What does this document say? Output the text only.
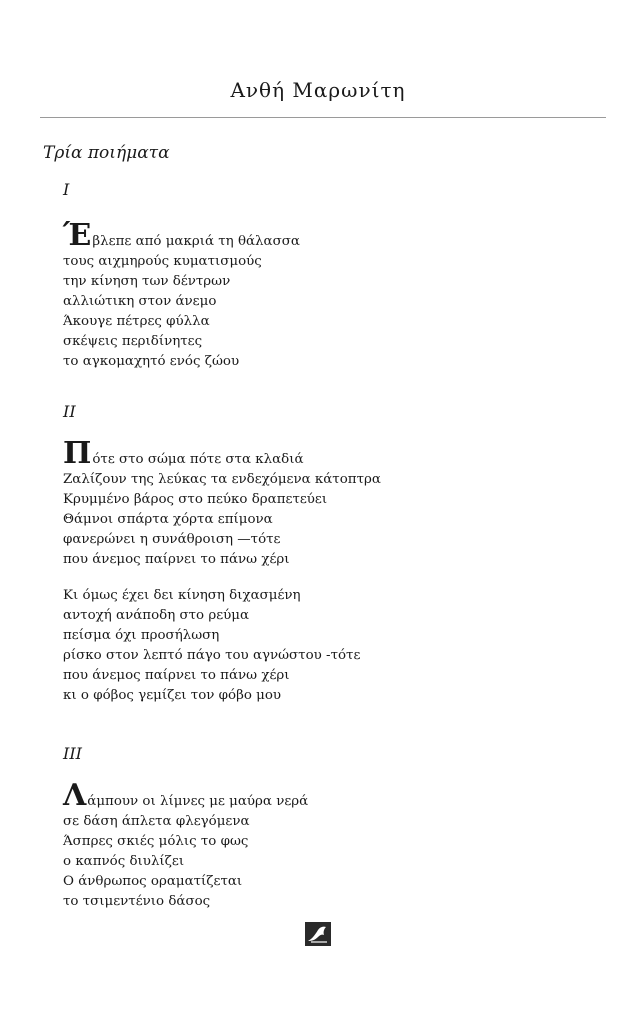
Ανθή Μαρωνίτη
Τρία ποιήματα
I
Έβλεπε από μακριά τη θάλασσα
τους αιχμηρούς κυματισμούς
την κίνηση των δέντρων
αλλιώτικη στον άνεμο
Άκουγε πέτρες φύλλα
σκέψεις περιδίνητες
το αγκομαχητό ενός ζώου
II
Πότε στο σώμα πότε στα κλαδιά
Ζαλίζουν της λεύκας τα ενδεχόμενα κάτοπτρα
Κρυμμένο βάρος στο πεύκο δραπετεύει
Θάμνοι σπάρτα χόρτα επίμονα
φανερώνει η συνάθροιση —τότε
που άνεμος παίρνει το πάνω χέρι
Κι όμως έχει δει κίνηση διχασμένη
αντοχή ανάποδη στο ρεύμα
πείσμα όχι προσήλωση
ρίσκο στον λεπτό πάγο του αγνώστου -τότε
που άνεμος παίρνει το πάνω χέρι
κι ο φόβος γεμίζει τον φόβο μου
III
Λάμπουν οι λίμνες με μαύρα νερά
σε δάση άπλετα φλεγόμενα
Άσπρες σκιές μόλις το φως
ο καπνός διυλίζει
Ο άνθρωπος οραματίζεται
το τσιμεντένιο δάσος
